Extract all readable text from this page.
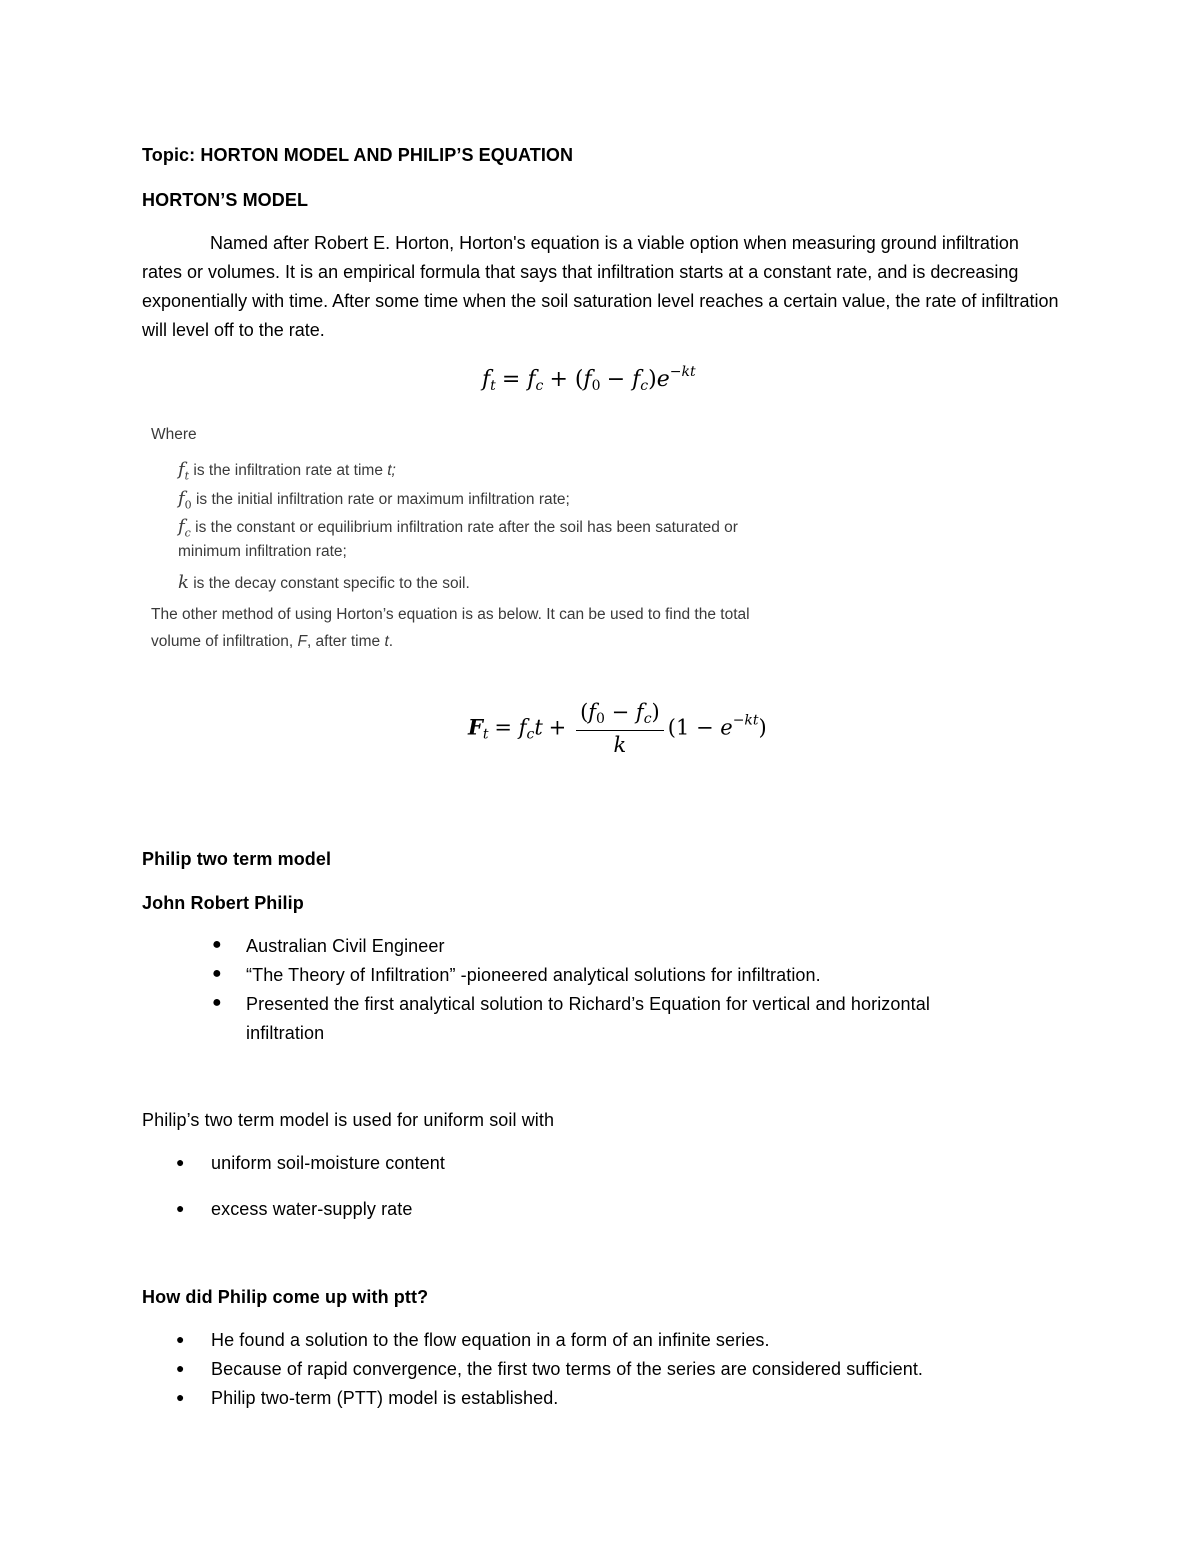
Topic: HORTON MODEL AND PHILIP’S EQUATION
HORTON’S MODEL
Named after Robert E. Horton, Horton's equation is a viable option when measuring ground infiltration rates or volumes. It is an empirical formula that says that infiltration starts at a constant rate, and is decreasing exponentially with time. After some time when the soil saturation level reaches a certain value, the rate of infiltration will level off to the rate.
$f_t = f_c + (f_0 - f_c)e^{-kt}$
Where
$f_t$ is the infiltration rate at time t;
$f_0$ is the initial infiltration rate or maximum infiltration rate;
$f_c$ is the constant or equilibrium infiltration rate after the soil has been saturated or
minimum infiltration rate;
k is the decay constant specific to the soil.
The other method of using Horton’s equation is as below. It can be used to find the total
volume of infiltration, F, after time t.
$F_t = f_ct + \frac{(f_0 - f_c)}{k} (1 - e^{-kt})$
Philip two term model
John Robert Philip
● Australian Civil Engineer
● “The Theory of Infiltration” -pioneered analytical solutions for infiltration.
● Presented the first analytical solution to Richard’s Equation for vertical and horizontal
infiltration
Philip’s two term model is used for uniform soil with
● uniform soil-moisture content
● excess water-supply rate
How did Philip come up with ptt?
● He found a solution to the flow equation in a form of an infinite series.
● Because of rapid convergence, the first two terms of the series are considered sufficient.
● Philip two-term (PTT) model is established.
